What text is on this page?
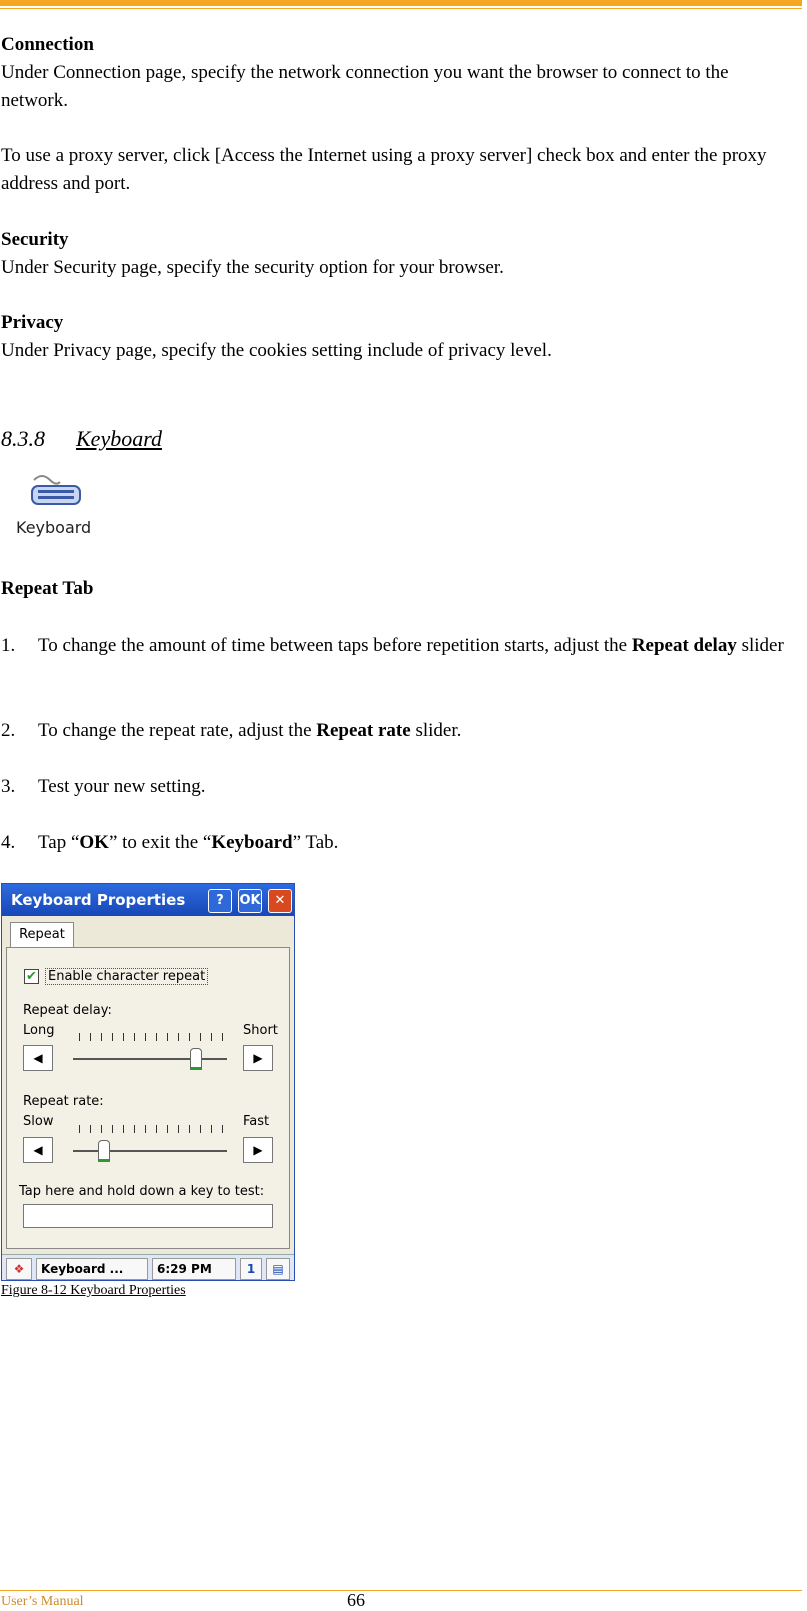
Connection
Under Connection page, specify the network connection you want the browser to connect to the network.
To use a proxy server, click [Access the Internet using a proxy server] check box and enter the proxy address and port.
Security
Under Security page, specify the security option for your browser.
Privacy
Under Privacy page, specify the cookies setting include of privacy level.
8.3.8 Keyboard
Keyboard
Repeat Tab
1. To change the amount of time between taps before repetition starts, adjust the Repeat delay slider
2. To change the repeat rate, adjust the Repeat rate slider.
3. Test your new setting.
4. Tap “OK” to exit the “Keyboard” Tab.
Keyboard Properties	?	OK	✕
Repeat
✔ Enable character repeat
Repeat delay:
Long	Short
◀	▶
Repeat rate:
Slow	Fast
◀	▶
Tap here and hold down a key to test:
❖	Keyboard ...	6:29 PM	1	▤
Figure 8-12 Keyboard Properties
User’s Manual	66
